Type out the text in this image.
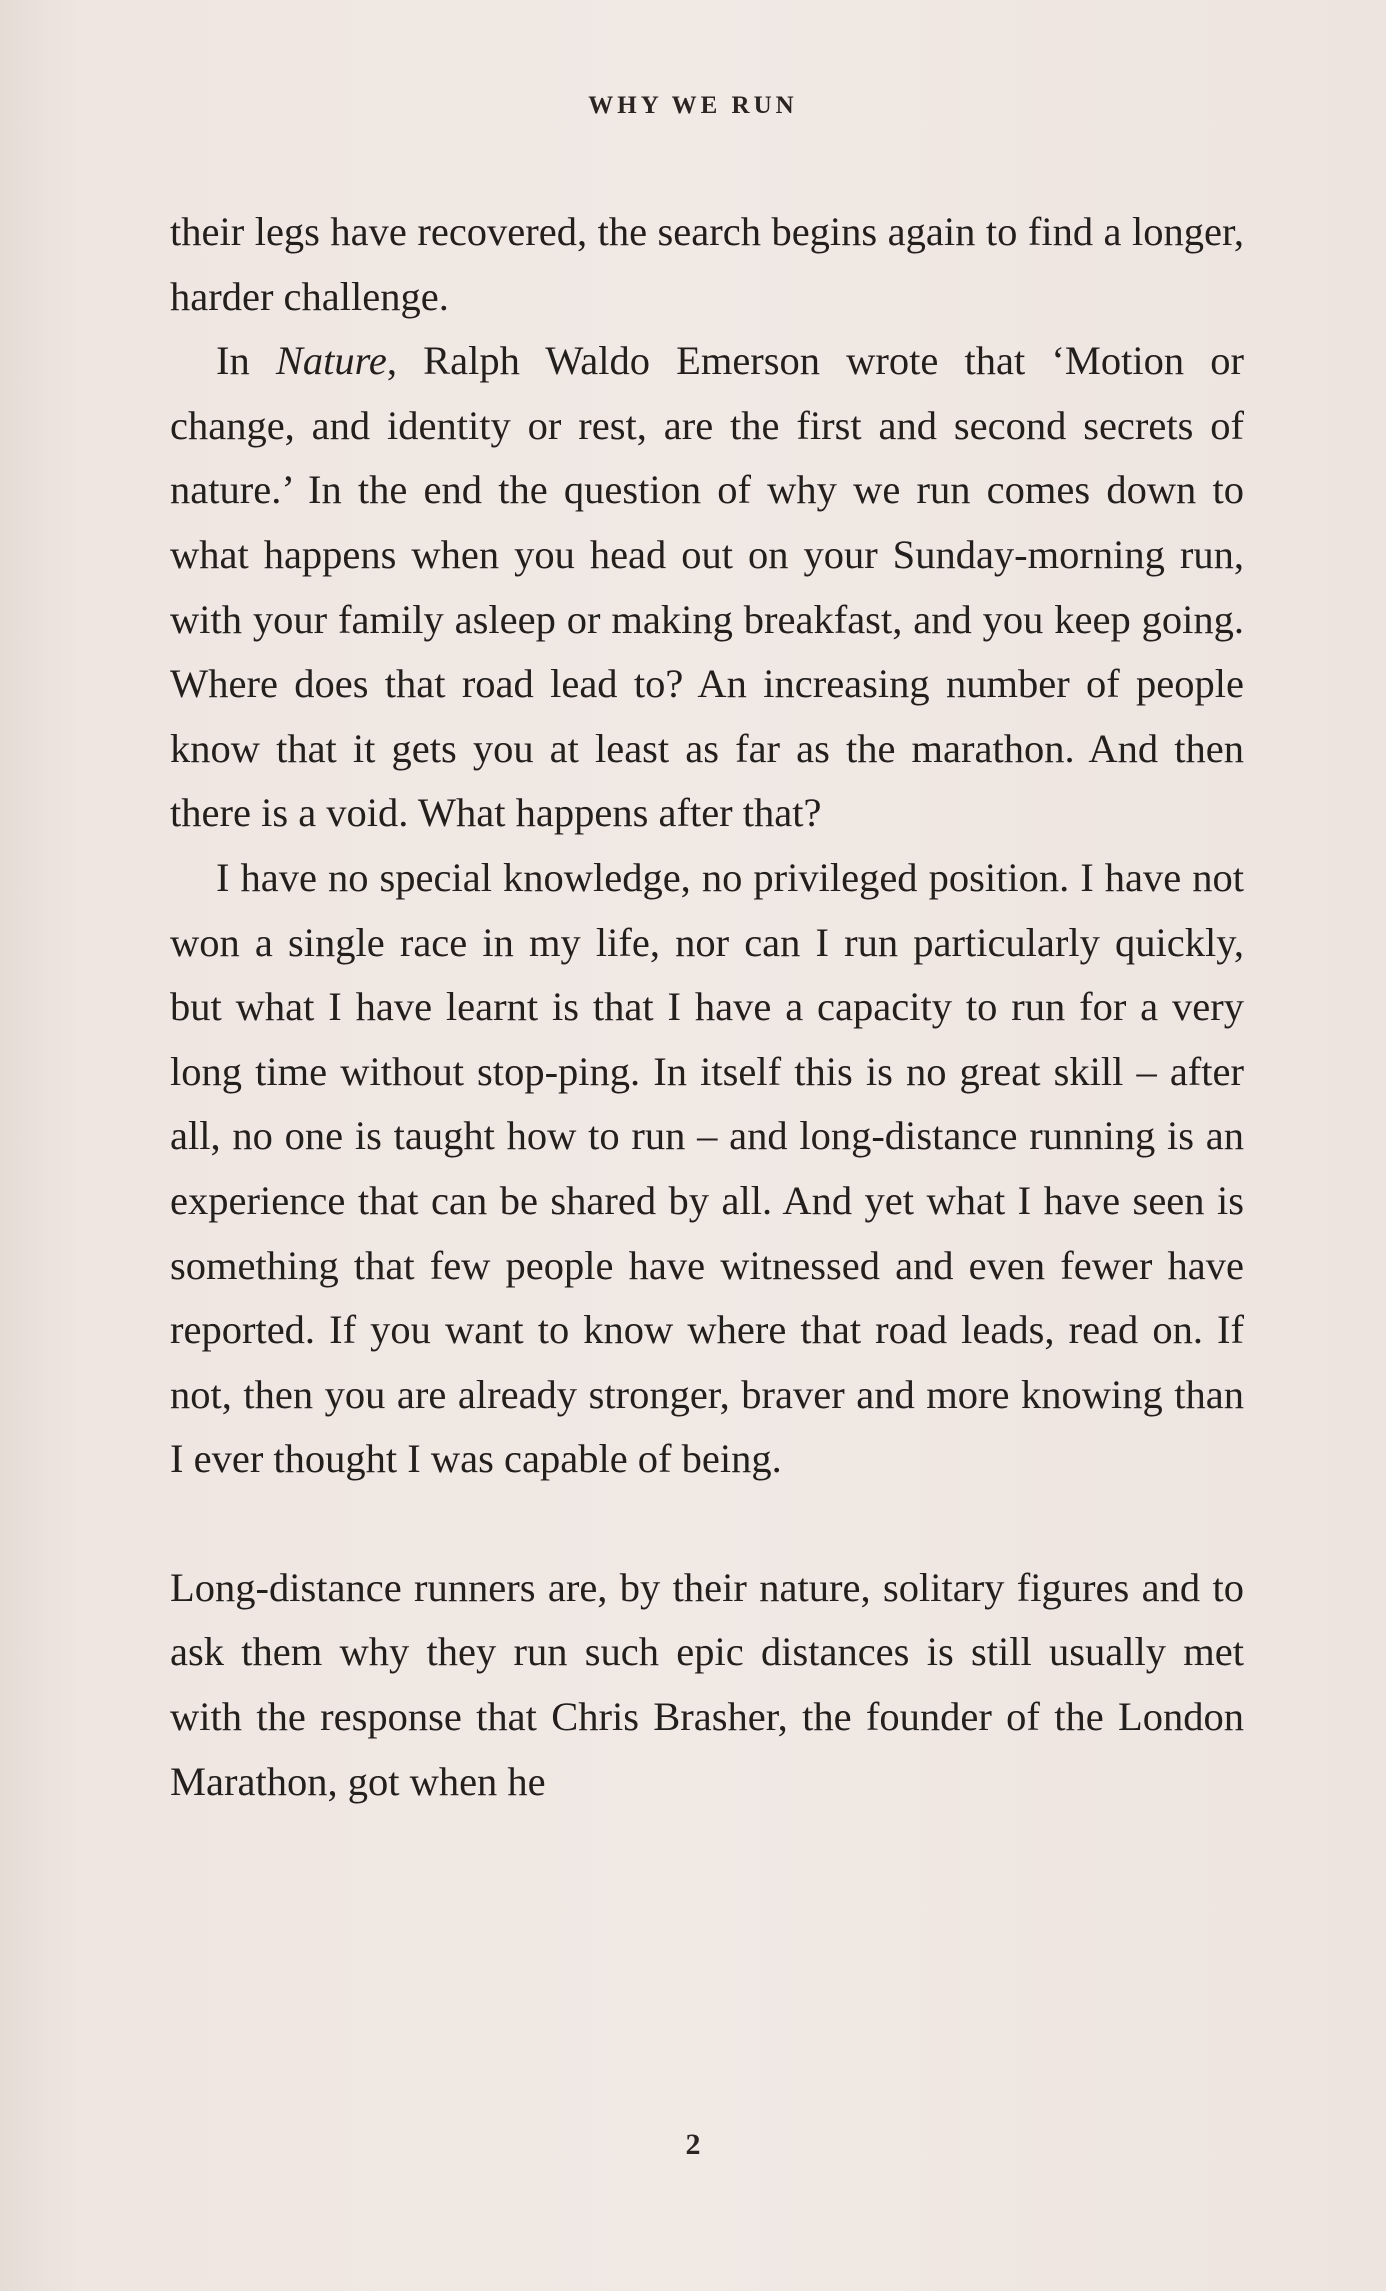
WHY WE RUN

their legs have recovered, the search begins again to find a longer, harder challenge.

In Nature, Ralph Waldo Emerson wrote that ‘Motion or change, and identity or rest, are the first and second secrets of nature.’ In the end the question of why we run comes down to what happens when you head out on your Sunday-morning run, with your family asleep or making breakfast, and you keep going. Where does that road lead to? An increasing number of people know that it gets you at least as far as the marathon. And then there is a void. What happens after that?

I have no special knowledge, no privileged position. I have not won a single race in my life, nor can I run particularly quickly, but what I have learnt is that I have a capacity to run for a very long time without stop-ping. In itself this is no great skill – after all, no one is taught how to run – and long-distance running is an experience that can be shared by all. And yet what I have seen is something that few people have witnessed and even fewer have reported. If you want to know where that road leads, read on. If not, then you are already stronger, braver and more knowing than I ever thought I was capable of being.

Long-distance runners are, by their nature, solitary figures and to ask them why they run such epic distances is still usually met with the response that Chris Brasher, the founder of the London Marathon, got when he

2
